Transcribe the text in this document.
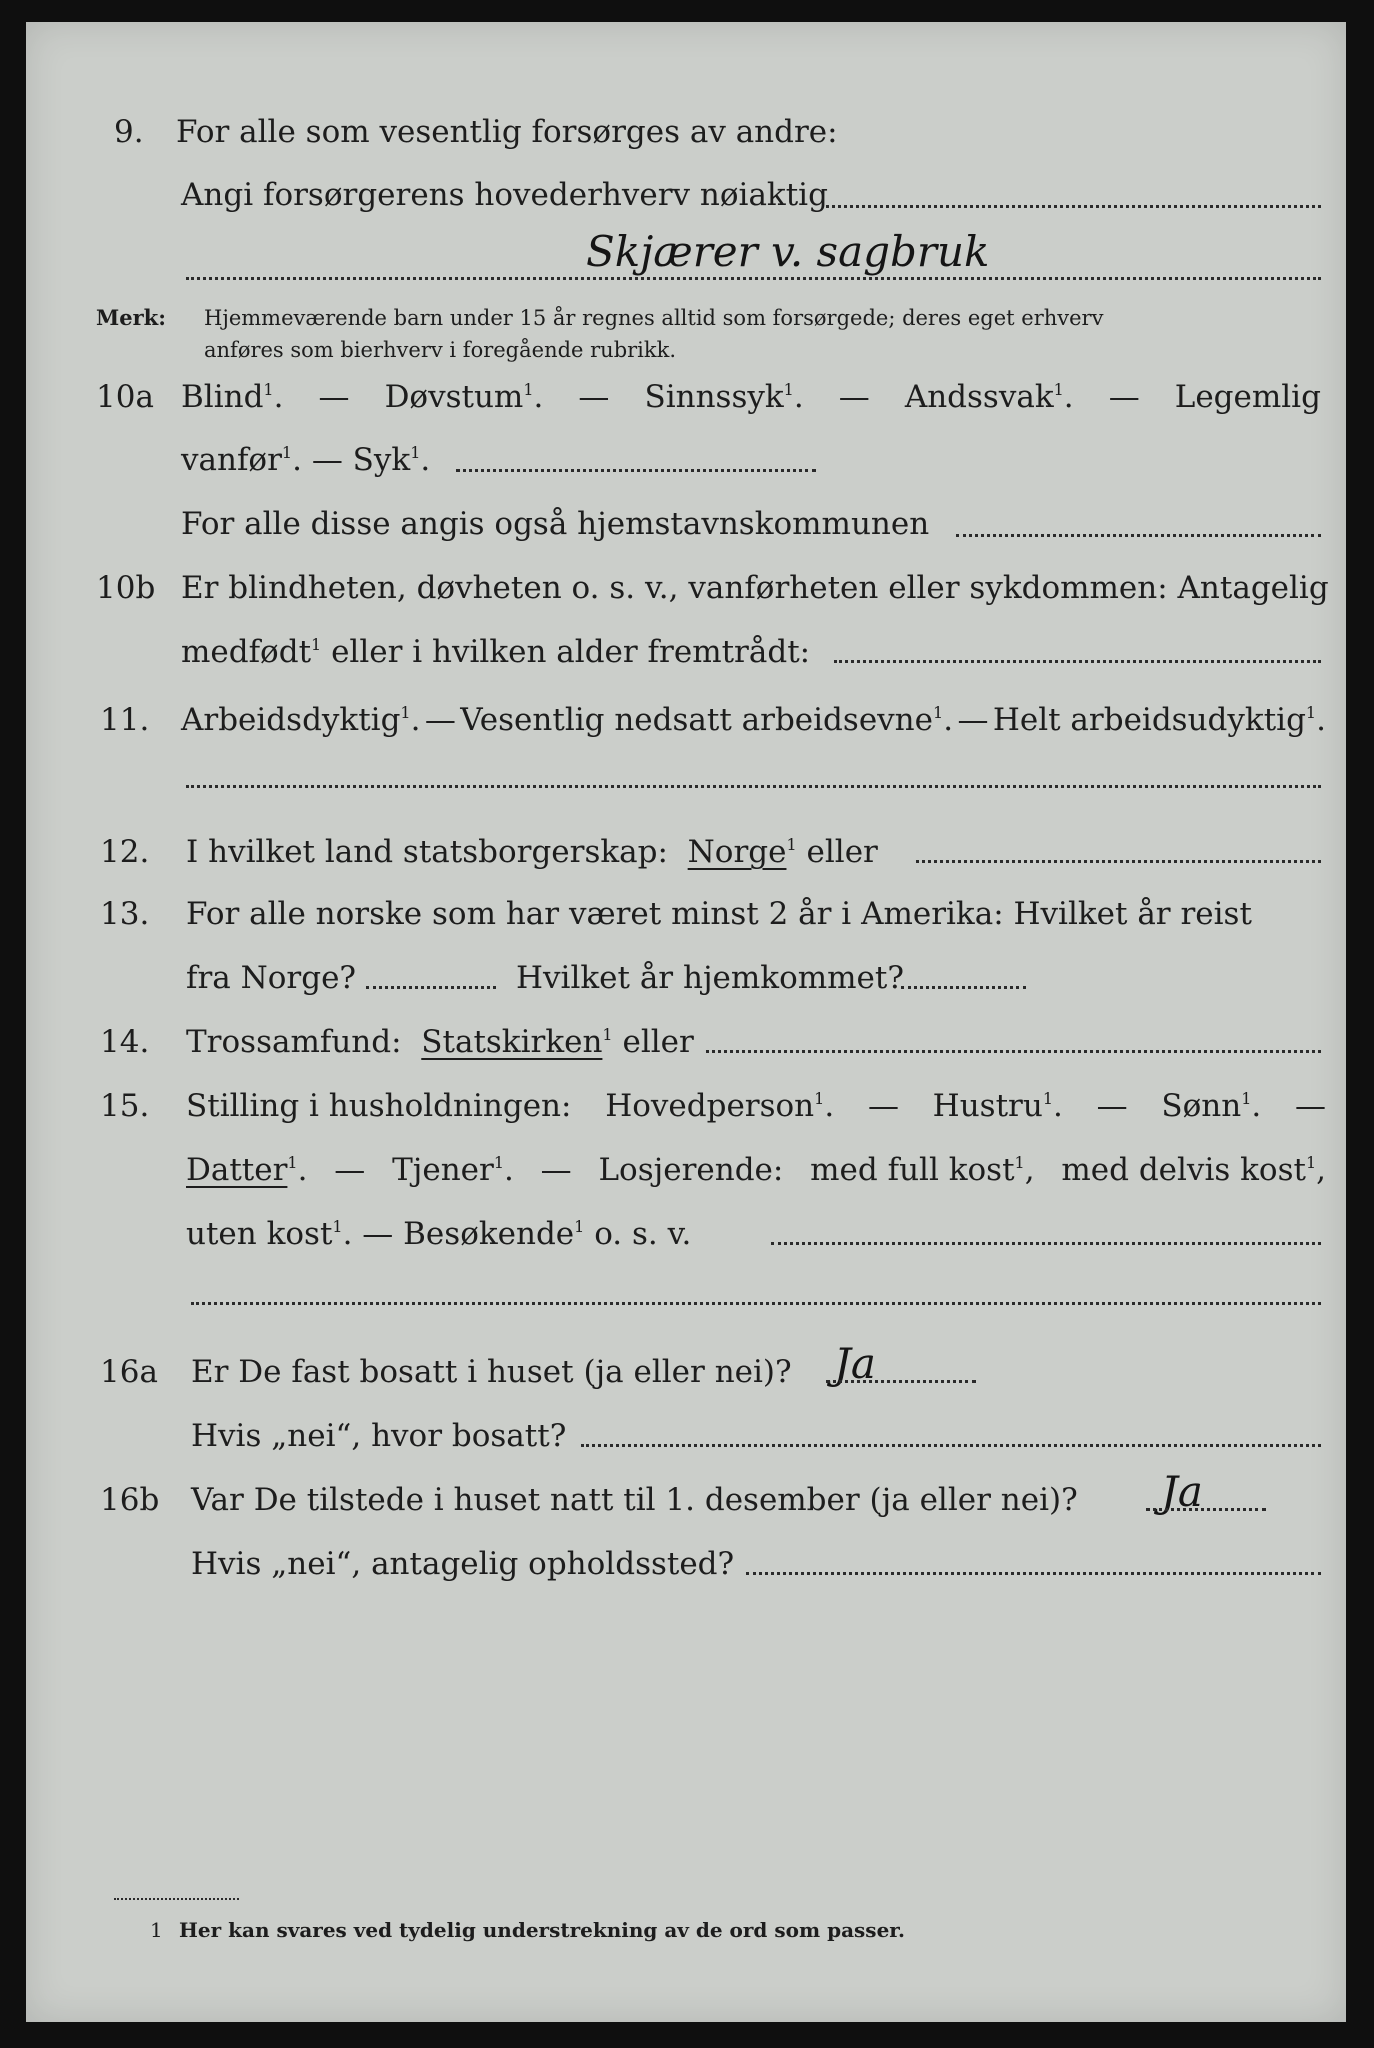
9. For alle som vesentlig forsørges av andre:
Angi forsørgerens hovederhverv nøiaktig
Skjærer v. sagbruk
Merk: Hjemmeværende barn under 15 år regnes alltid som forsørgede; deres eget erhverv
anføres som bierhverv i foregående rubrikk.
10a Blind$^1$. — Døvstum$^1$. — Sinnssyk$^1$. — Andssvak$^1$. — Legemlig
vanfør$^1$. — Syk$^1$.
For alle disse angis også hjemstavnskommunen
10b Er blindheten, døvheten o. s. v., vanførheten eller sykdommen: Antagelig
medfødt$^1$ eller i hvilken alder fremtrådt:
11. Arbeidsdyktig$^1$. — Vesentlig nedsatt arbeidsevne$^1$. — Helt arbeidsudyktig$^1$.
12. I hvilket land statsborgerskap: Norge$^1$ eller
13. For alle norske som har været minst 2 år i Amerika: Hvilket år reist
fra Norge?	Hvilket år hjemkommet?
14. Trossamfund: Statskirken$^1$ eller
15. Stilling i husholdningen: Hovedperson$^1$. — Hustru$^1$. — Sønn$^1$. —
Datter$^1$. — Tjener$^1$. — Losjerende: med full kost$^1$, med delvis kost$^1$,
uten kost$^1$. — Besøkende$^1$ o. s. v.
16a Er De fast bosatt i huset (ja eller nei)? Ja
Hvis „nei“, hvor bosatt?
16b Var De tilstede i huset natt til 1. desember (ja eller nei)? Ja
Hvis „nei“, antagelig opholdssted?
1 Her kan svares ved tydelig understrekning av de ord som passer.
